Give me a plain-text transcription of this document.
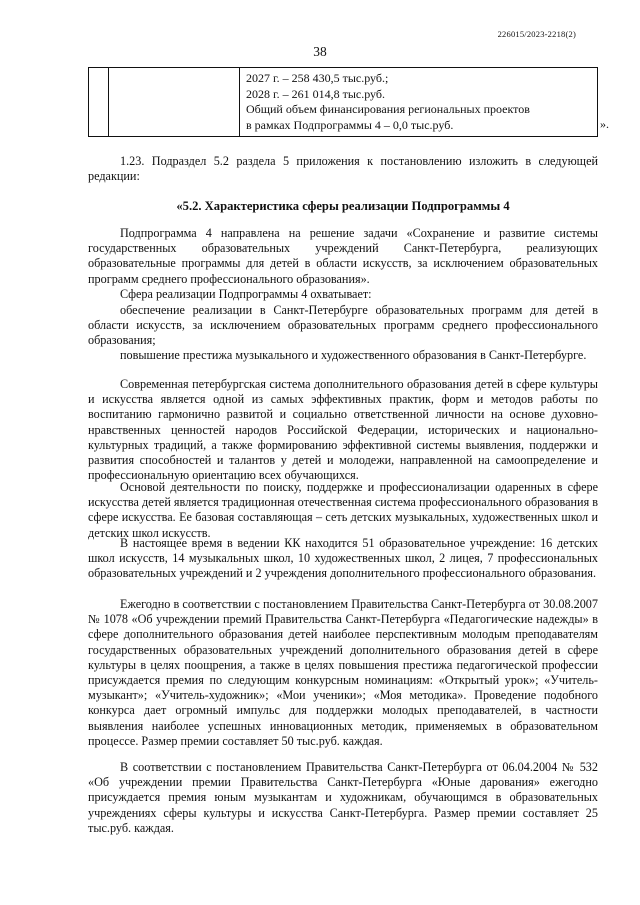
226015/2023-2218(2)
38

2027 г. – 258 430,5 тыс.руб.;
2028 г. – 261 014,8 тыс.руб.
Общий объем финансирования региональных проектов
в рамках Подпрограммы 4 – 0,0 тыс.руб.	».

1.23. Подраздел 5.2 раздела 5 приложения к постановлению изложить в следующей редакции:

«5.2. Характеристика сферы реализации Подпрограммы 4

Подпрограмма 4 направлена на решение задачи «Сохранение и развитие системы государственных образовательных учреждений Санкт-Петербурга, реализующих образовательные программы для детей в области искусств, за исключением образовательных программ среднего профессионального образования».

Сфера реализации Подпрограммы 4 охватывает:

обеспечение реализации в Санкт-Петербурге образовательных программ для детей в области искусств, за исключением образовательных программ среднего профессионального образования;

повышение престижа музыкального и художественного образования в Санкт-Петербурге.

Современная петербургская система дополнительного образования детей в сфере культуры и искусства является одной из самых эффективных практик, форм и методов работы по воспитанию гармонично развитой и социально ответственной личности на основе духовно-нравственных ценностей народов Российской Федерации, исторических и национально-культурных традиций, а также формированию эффективной системы выявления, поддержки и развития способностей и талантов у детей и молодежи, направленной на самоопределение и профессиональную ориентацию всех обучающихся.

Основой деятельности по поиску, поддержке и профессионализации одаренных в сфере искусства детей является традиционная отечественная система профессионального образования в сфере искусства. Ее базовая составляющая – сеть детских музыкальных, художественных школ и детских школ искусств.

В настоящее время в ведении КК находится 51 образовательное учреждение: 16 детских школ искусств, 14 музыкальных школ, 10 художественных школ, 2 лицея, 7 профессиональных образовательных учреждений и 2 учреждения дополнительного профессионального образования.

Ежегодно в соответствии с постановлением Правительства Санкт-Петербурга от 30.08.2007 № 1078 «Об учреждении премий Правительства Санкт-Петербурга «Педагогические надежды» в сфере дополнительного образования детей наиболее перспективным молодым преподавателям государственных образовательных учреждений дополнительного образования детей в сфере культуры в целях поощрения, а также в целях повышения престижа педагогической профессии присуждается премия по следующим конкурсным номинациям: «Открытый урок»; «Учитель-музыкант»; «Учитель-художник»; «Мои ученики»; «Моя методика». Проведение подобного конкурса дает огромный импульс для поддержки молодых преподавателей, в частности выявления наиболее успешных инновационных методик, применяемых в образовательном процессе. Размер премии составляет 50 тыс.руб. каждая.

В соответствии с постановлением Правительства Санкт-Петербурга от 06.04.2004 № 532 «Об учреждении премии Правительства Санкт-Петербурга «Юные дарования» ежегодно присуждается премия юным музыкантам и художникам, обучающимся в образовательных учреждениях сферы культуры и искусства Санкт-Петербурга. Размер премии составляет 25 тыс.руб. каждая.
